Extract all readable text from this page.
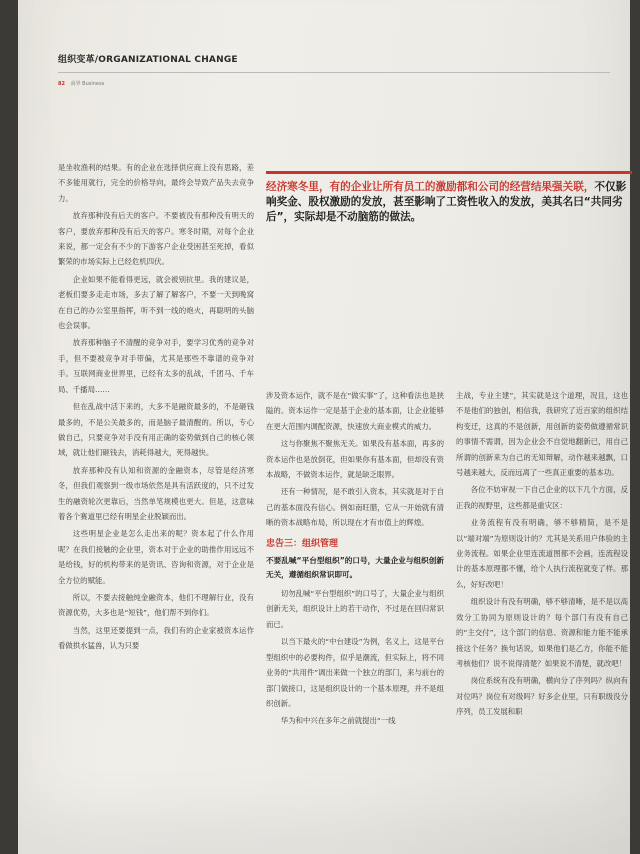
组织变革/ORGANIZATIONAL CHANGE
82 商界 Business

是坐收渔利的结果。有的企业在选择供应商上没有思路，差不多能用就行，完全的价格导向，最终会导致产品失去竞争力。

放弃那种没有后天的客户。不要被没有那种没有明天的客户，要放弃那种没有后天的客户。寒冬时期，对每个企业来说，都一定会有不少的下游客户企业受困甚至死掉，看似繁荣的市场实际上已经危机四伏。

企业如果不能看得更远，就会被别抗里。我的建议是，老板们要多走走市场，多去了解了解客户，不要一天到晚窝在自己的办公室里指挥，听不到一线的炮火，再聪明的头脑也会误事。

放弃那种脑子不清醒的竞争对手，要学习优秀的竞争对手，但不要被竞争对手带偏，尤其是那些不靠谱的竞争对手。互联网商业世界里，已经有太多的乱战，千团马、千车局、千播局……

但在乱战中活下来的，大多不是融资最多的，不是砸钱最多的，不是公关最多的，而是脑子最清醒的。所以，专心做自己，只要竞争对手没有用正确的姿势做到自己的核心领域，就让他们砸钱去，消耗得越大，死得越快。

放弃那种没有认知和资源的金融资本，尽管是经济寒冬，但我们观察到一级市场依然是具有活跃度的，只不过发生的融资轮次更靠后，当然单笔规模也更大。但是，这意味着各个赛道里已经有明星企业脱颖而出。

这些明星企业是怎么走出来的呢？资本起了什么作用呢？在我们接触的企业里，资本对于企业的助推作用远远不是给钱，好的机构带来的是资讯、咨询和资源，对于企业是全方位的赋能。

所以，不要去接触纯金融资本，他们不理解行业，没有资源优势，大多也是“短钱”，他们帮不到你们。

当然，这里还要提到一点，我们有的企业家被资本运作看做拱水猛兽，认为只要

经济寒冬里，有的企业让所有员工的激励都和公司的经营结果强关联，不仅影响奖金、股权激励的发放，甚至影响了工资性收入的发放，美其名曰“共同劣后”，实际却是不动脑筋的做法。

涉及资本运作，就不是在“做实事”了，这种看法也是狭隘的。资本运作一定是基于企业的基本面，让企业能够在更大范围内调配资源，快速放大商业模式的威力。

这与你聚焦不聚焦无关。如果没有基本面，再多的资本运作也是放倒花，但如果你有基本面，但却没有资本战略，不做资本运作，就是缺乏眼界。

还有一种情况，是不敢引入资本，其实就是对于自己的基本面没有信心。例如南旺腊，它从一开始就有清晰的资本战略布局，所以现在才有市值上的辉煌。

忠告三：组织管理
不要乱喊“平台型组织”的口号，大量企业与组织创新无关，遵循组织常识即可。

切勿乱喊“平台型组织”的口号了，大量企业与组织创新无关，组织设计上的若干动作，不过是在回归常识而已。

以当下最火的“中台建设”为例，名义上，这是平台型组织中的必要构件，似乎是潮流，但实际上，将不同业务的“共用件”调出来做一个独立的部门，来与前台的部门做接口，这是组织设计的一个基本原理，并不是组织创新。

华为和中兴在多年之前就提出“一线

主战，专业主建”，其实就是这个道理，况且，这也不是他们的独创，相信我，我研究了近百家的组织结构变迁，这真的不是创新，用创新的姿势做遵循常识的事情不需谓，因为企业会不自觉地翻新已，用自己所谓的创新来为自己的无知辩解，动作越来越飘，口号越来越大，反而远离了一些真正重要的基本功。

各位不妨审视一下自己企业的以下几个方面，反正我的视野里，这些都是重灾区：

业务流程有没有明确，够不够精简，是不是以“端对端”为原则设计的？尤其是关系用户体验的主业务流程。如果企业里连流道图都不会画，连流程设计的基本原理都不懂，给个人执行流程就变了样。那么，好好改吧！

组织设计有没有明确，够不够清晰，是不是以高效分工协同为原则设计的？每个部门有没有自己的“主交付”，这个部门的信息、资源和能力能不能承接这个任务？换句话说，如果他们是乙方，你能不能考核他们？说不说得清楚？如果说不清楚，就改吧！

岗位系统有没有明确，横向分了序列吗？纵向有对位吗？岗位有对级吗？好多企业里，只有职级没分序列，员工发展和职
